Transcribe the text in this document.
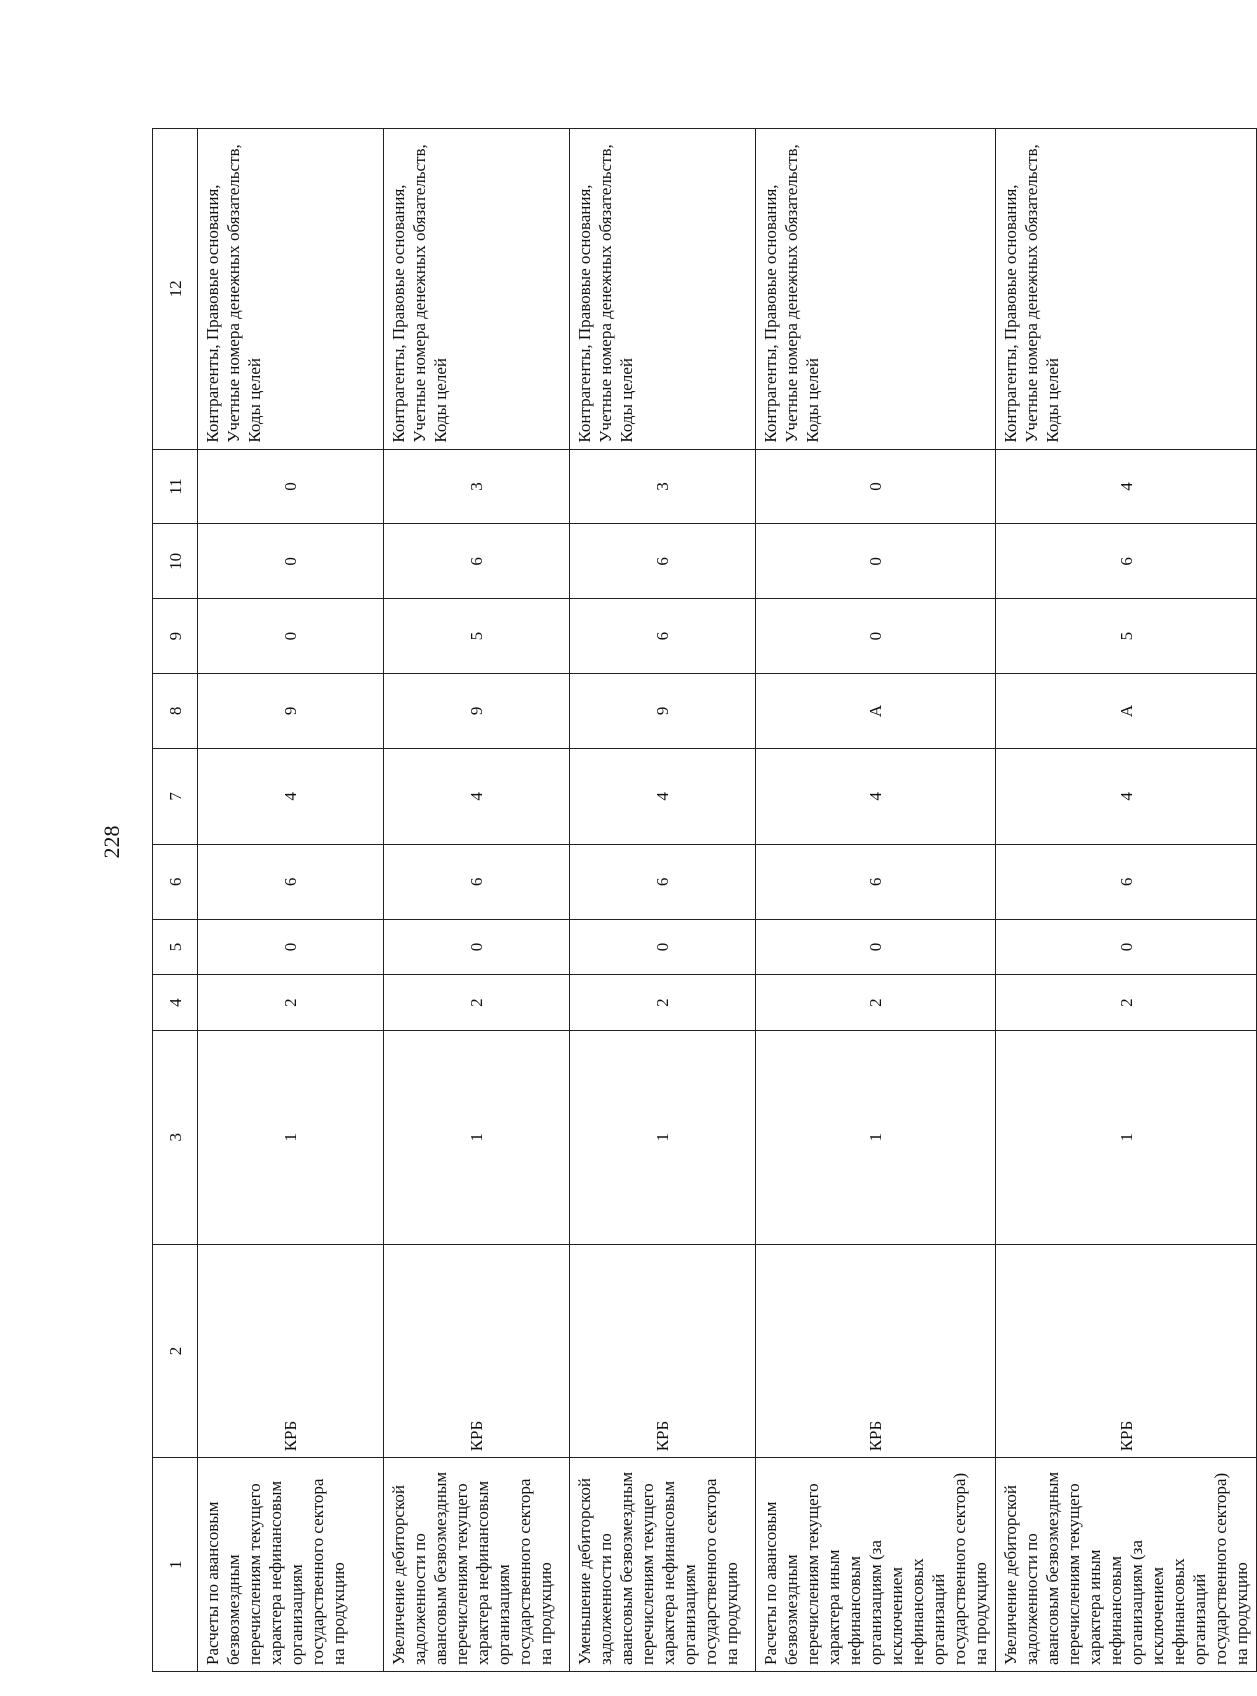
228
1	2	3	4	5	6	7	8	9	10	11	12
Расчеты по авансовым безвозмездным перечислениям текущего характера нефинансовым организациям государственного сектора на продукцию	КРБ	1	2	0	6	4	9	0	0	0	Контрагенты, Правовые основания, Учетные номера денежных обязательств, Коды целей
Увеличение дебиторской задолженности по авансовым безвозмездным перечислениям текущего характера нефинансовым организациям государственного сектора на продукцию	КРБ	1	2	0	6	4	9	5	6	3	Контрагенты, Правовые основания, Учетные номера денежных обязательств, Коды целей
Уменьшение дебиторской задолженности по авансовым безвозмездным перечислениям текущего характера нефинансовым организациям государственного сектора на продукцию	КРБ	1	2	0	6	4	9	6	6	3	Контрагенты, Правовые основания, Учетные номера денежных обязательств, Коды целей
Расчеты по авансовым безвозмездным перечислениям текущего характера иным нефинансовым организациям (за исключением нефинансовых организаций государственного сектора) на продукцию	КРБ	1	2	0	6	4	А	0	0	0	Контрагенты, Правовые основания, Учетные номера денежных обязательств, Коды целей
Увеличение дебиторской задолженности по авансовым безвозмездным перечислениям текущего характера иным нефинансовым организациям (за исключением нефинансовых организаций государственного сектора) на продукцию	КРБ	1	2	0	6	4	А	5	6	4	Контрагенты, Правовые основания, Учетные номера денежных обязательств, Коды целей
